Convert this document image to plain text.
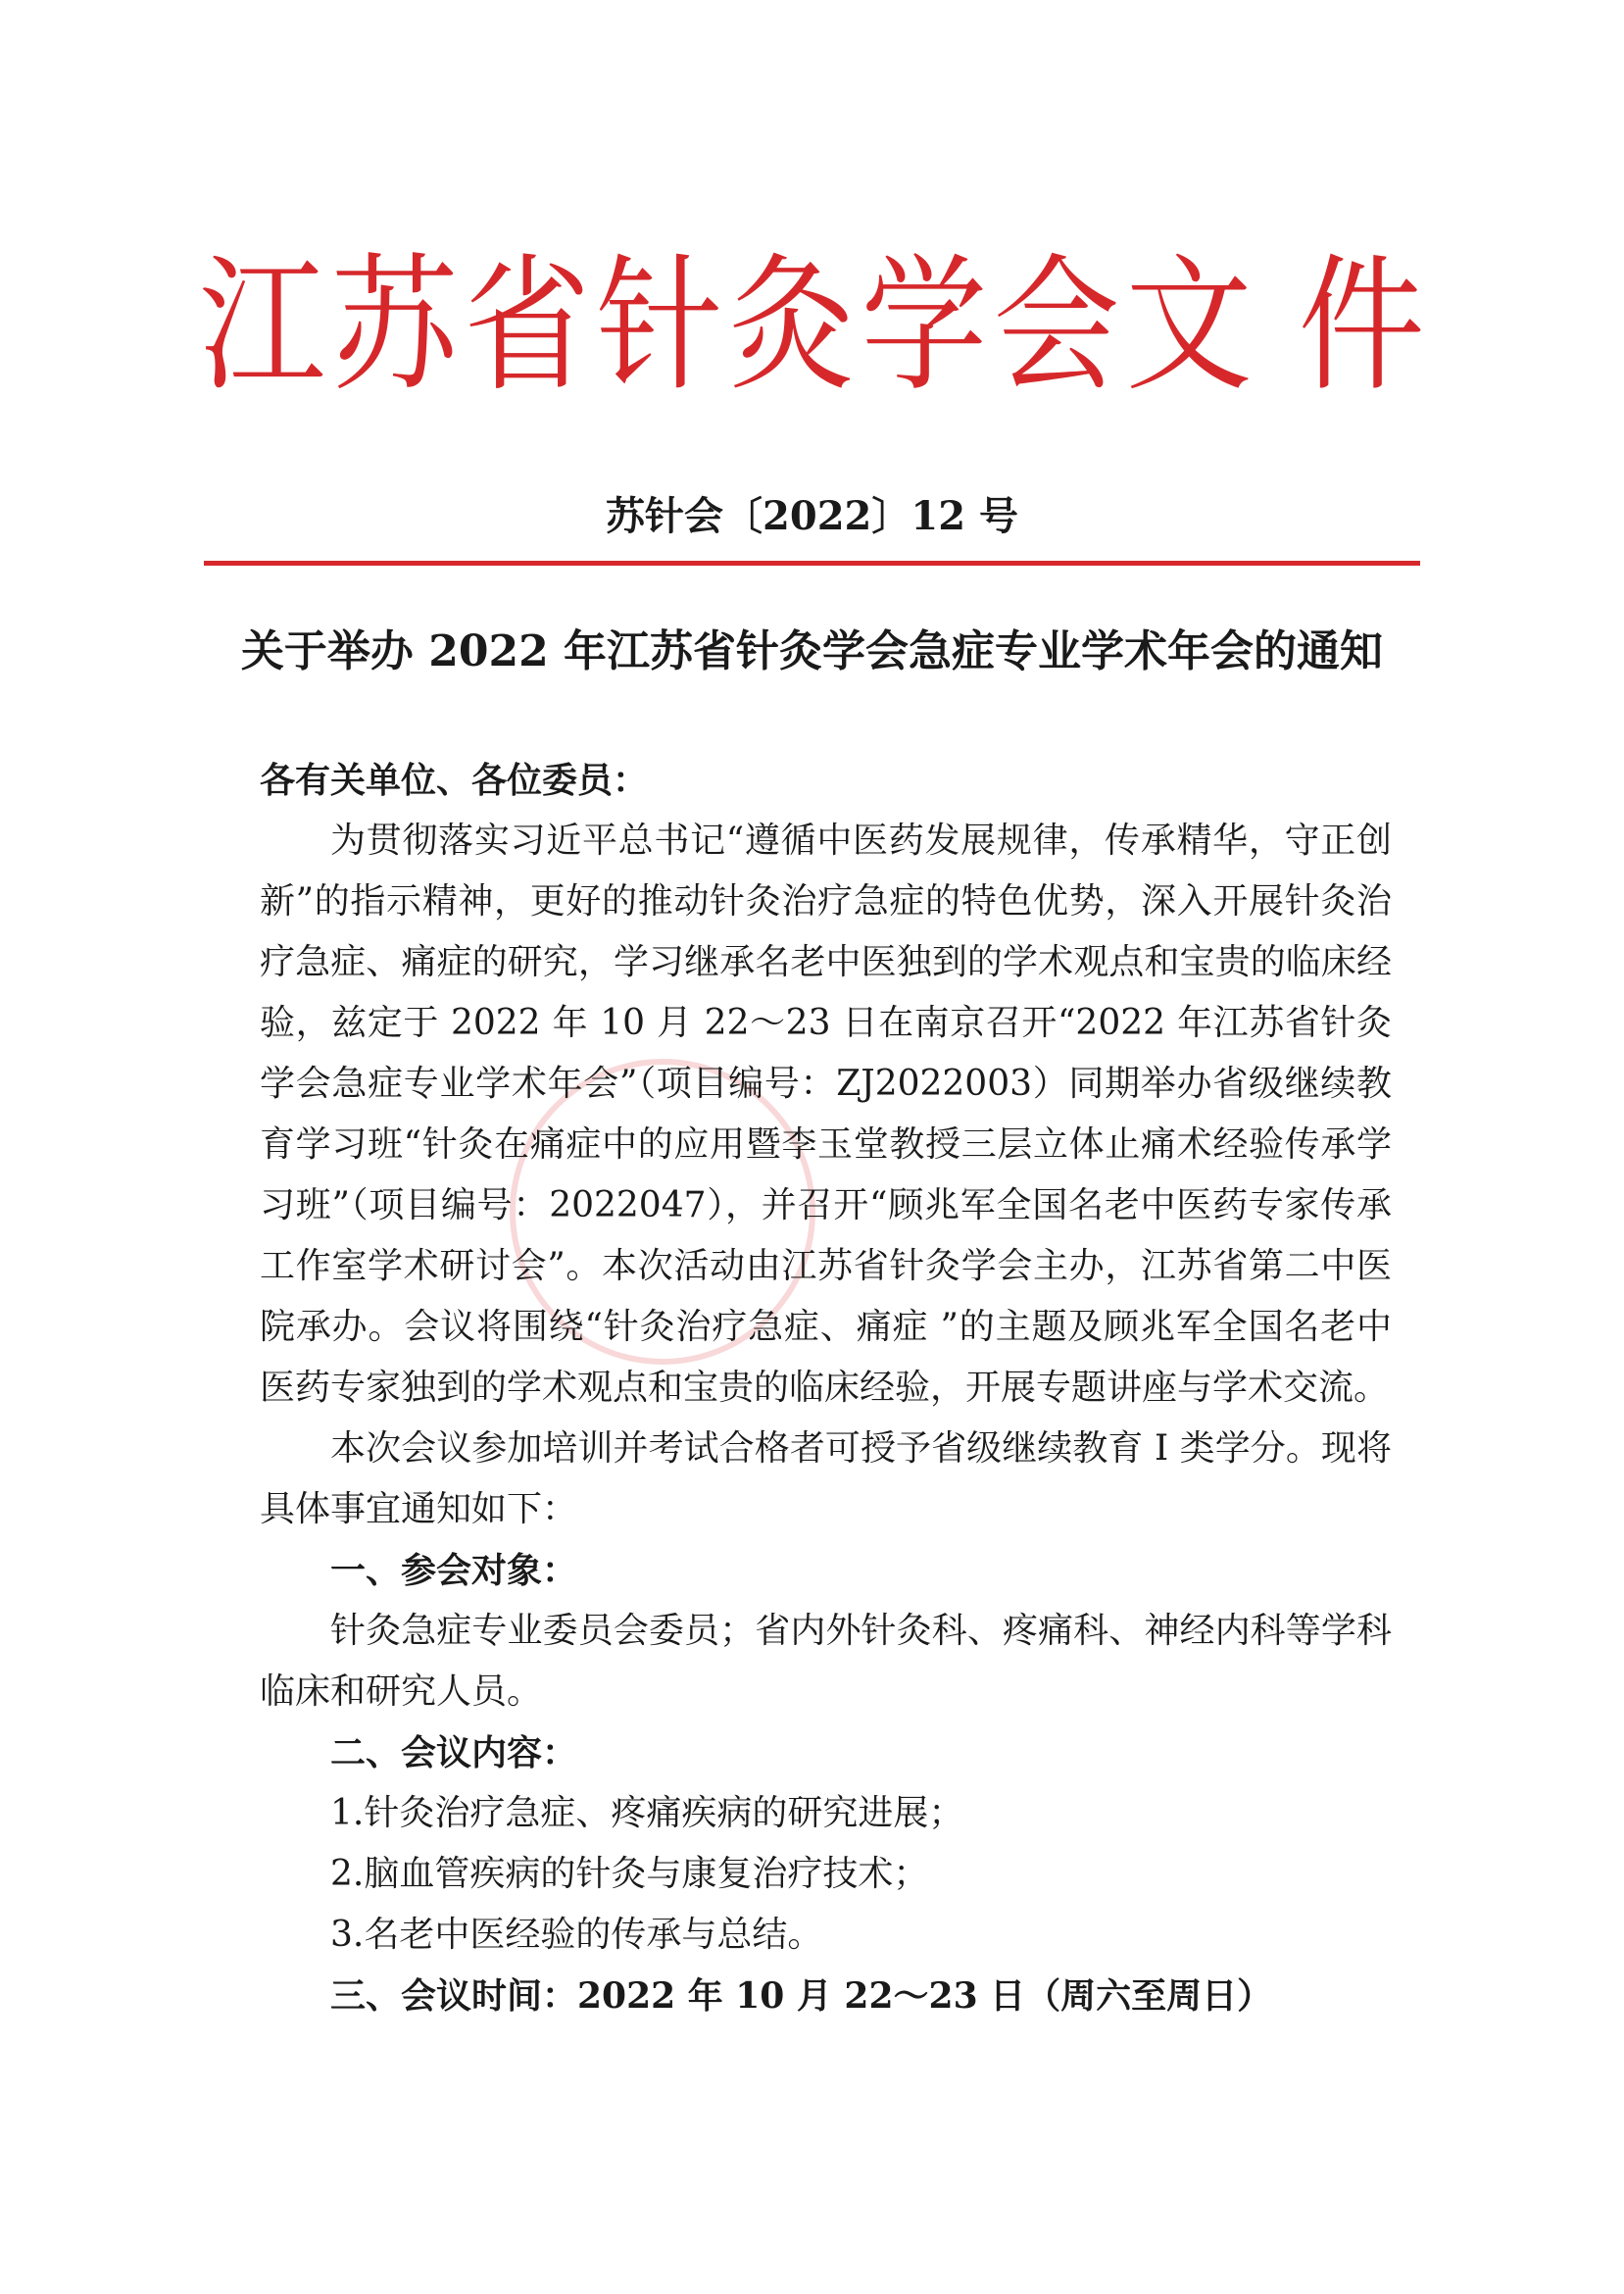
江苏省针灸学会文 件
苏针会〔2022〕12 号
关于举办 2022 年江苏省针灸学会急症专业学术年会的通知

各有关单位、各位委员：

为贯彻落实习近平总书记“遵循中医药发展规律，传承精华，守正创新”的指示精神，更好的推动针灸治疗急症的特色优势，深入开展针灸治疗急症、痛症的研究，学习继承名老中医独到的学术观点和宝贵的临床经验，兹定于 2022 年 10 月 22～23 日在南京召开“2022 年江苏省针灸学会急症专业学术年会”（项目编号：ZJ2022003）同期举办省级继续教育学习班“针灸在痛症中的应用暨李玉堂教授三层立体止痛术经验传承学习班”（项目编号：2022047），并召开“顾兆军全国名老中医药专家传承工作室学术研讨会”。本次活动由江苏省针灸学会主办，江苏省第二中医院承办。会议将围绕“针灸治疗急症、痛症 ”的主题及顾兆军全国名老中医药专家独到的学术观点和宝贵的临床经验，开展专题讲座与学术交流。

本次会议参加培训并考试合格者可授予省级继续教育 I 类学分。现将具体事宜通知如下：

一、参会对象：

针灸急症专业委员会委员；省内外针灸科、疼痛科、神经内科等学科临床和研究人员。

二、会议内容：

1.针灸治疗急症、疼痛疾病的研究进展；

2.脑血管疾病的针灸与康复治疗技术；

3.名老中医经验的传承与总结。

三、会议时间：2022 年 10 月 22～23 日（周六至周日）
